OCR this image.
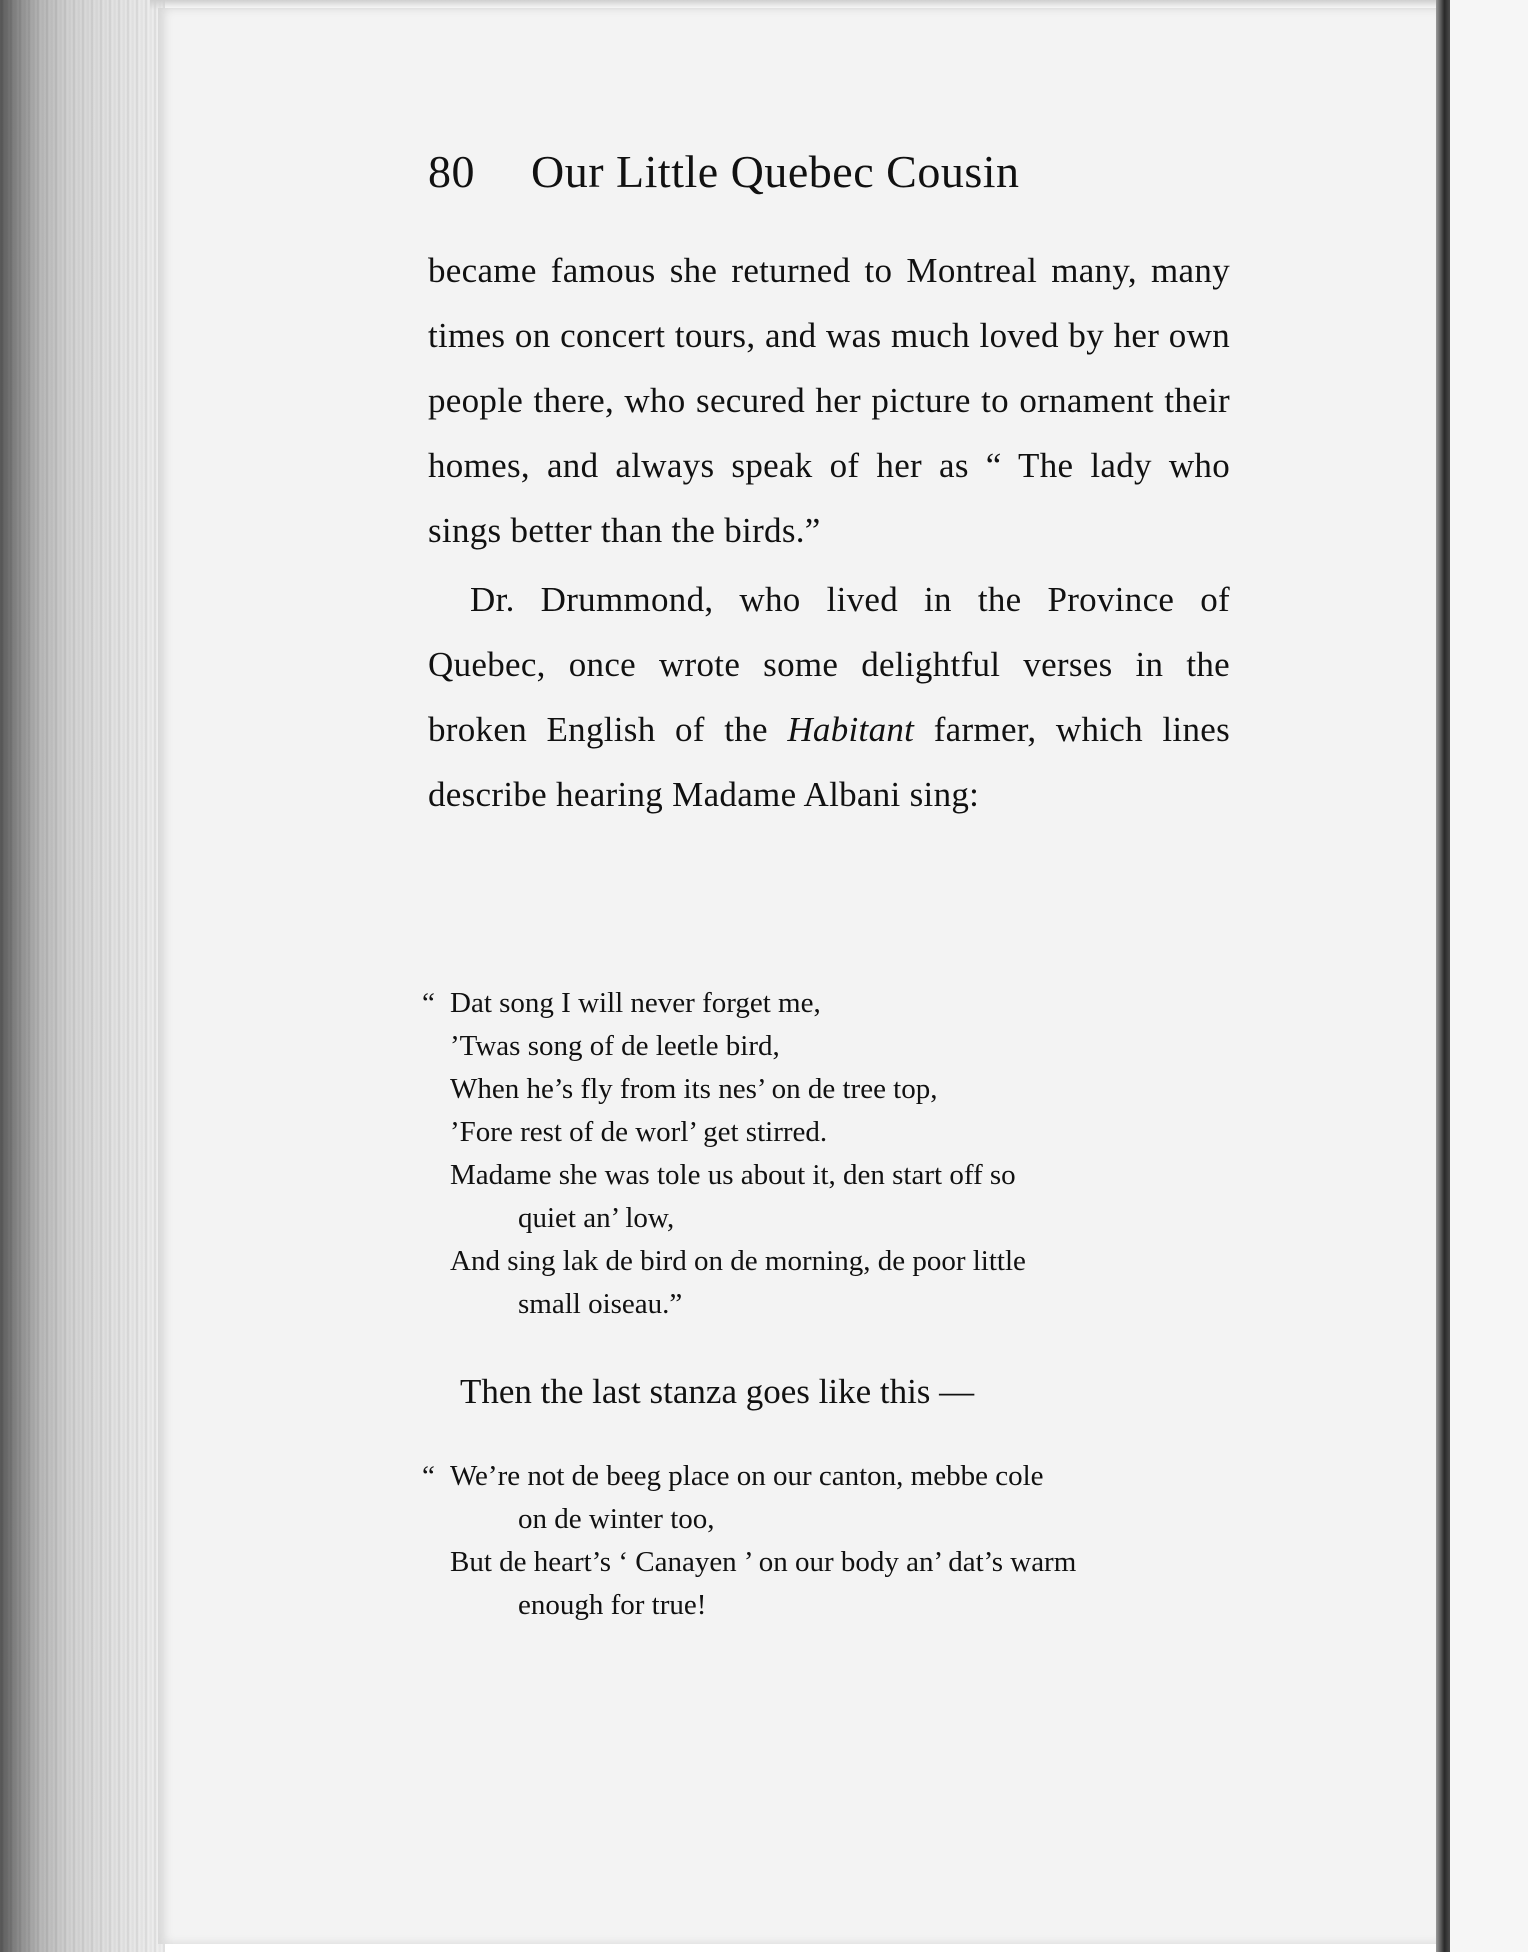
80 Our Little Quebec Cousin

became famous she returned to Montreal many, many times on concert tours, and was much loved by her own people there, who secured her picture to ornament their homes, and always speak of her as “ The lady who sings better than the birds.”

Dr. Drummond, who lived in the Province of Quebec, once wrote some delightful verses in the broken English of the Habitant farmer, which lines describe hearing Madame Albani sing:

“ Dat song I will never forget me,
’Twas song of de leetle bird,
When he’s fly from its nes’ on de tree top,
’Fore rest of de worl’ get stirred.
Madame she was tole us about it, den start off so
quiet an’ low,
And sing lak de bird on de morning, de poor little
small oiseau.”
Then the last stanza goes like this —
“ We’re not de beeg place on our canton, mebbe cole
on de winter too,
But de heart’s ‘ Canayen ’ on our body an’ dat’s warm
enough for true!
